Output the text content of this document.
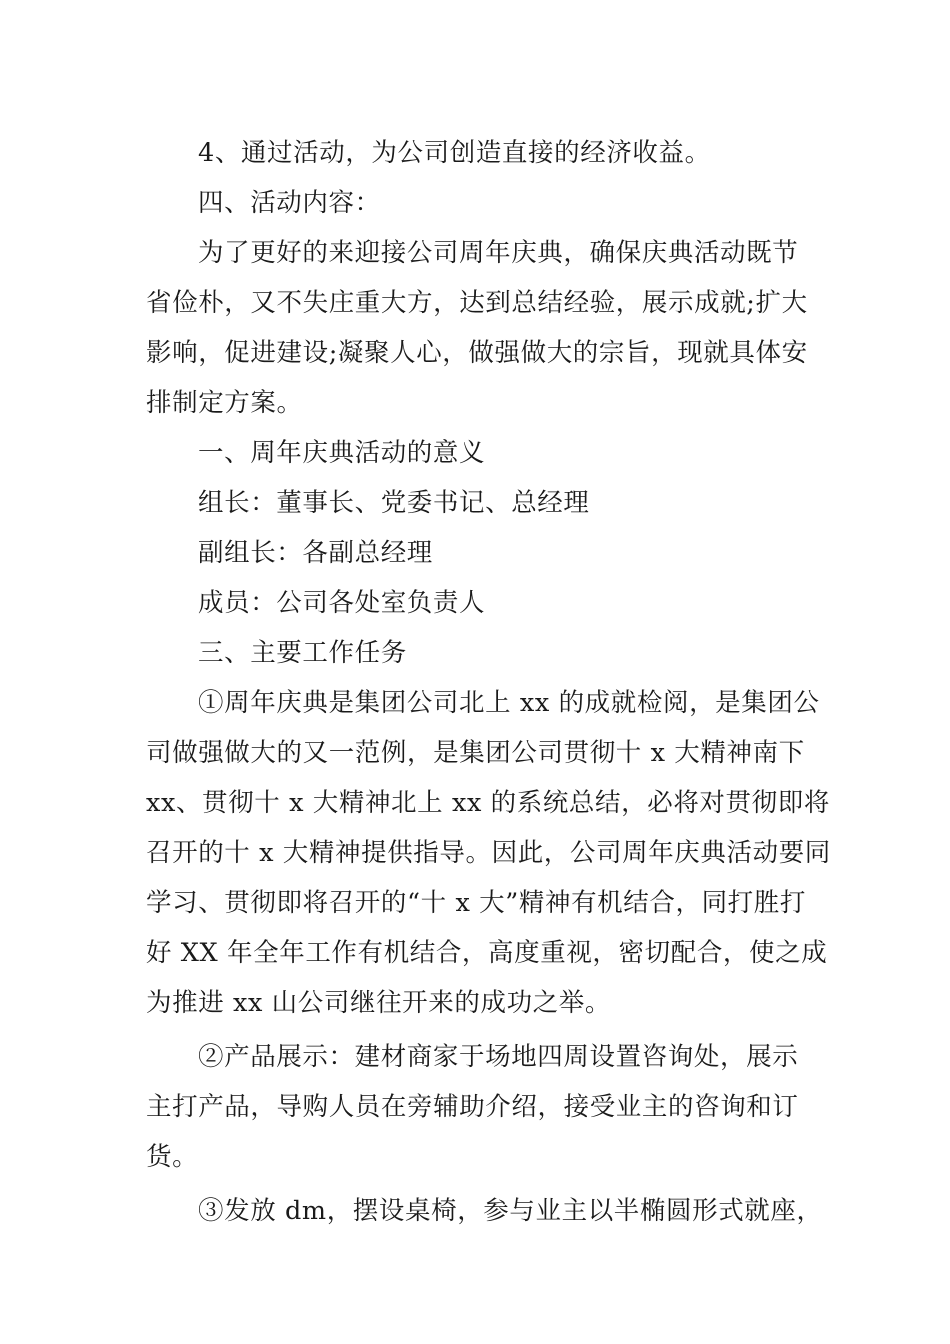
4、通过活动，为公司创造直接的经济收益。

四、活动内容：

为了更好的来迎接公司周年庆典，确保庆典活动既节
省俭朴，又不失庄重大方，达到总结经验，展示成就;扩大
影响，促进建设;凝聚人心，做强做大的宗旨，现就具体安
排制定方案。

一、周年庆典活动的意义

组长：董事长、党委书记、总经理

副组长：各副总经理

成员：公司各处室负责人

三、主要工作任务

①周年庆典是集团公司北上 xx 的成就检阅，是集团公
司做强做大的又一范例，是集团公司贯彻十 x 大精神南下
xx、贯彻十 x 大精神北上 xx 的系统总结，必将对贯彻即将
召开的十 x 大精神提供指导。因此，公司周年庆典活动要同
学习、贯彻即将召开的“十 x 大”精神有机结合，同打胜打
好 XX 年全年工作有机结合，高度重视，密切配合，使之成
为推进 xx 山公司继往开来的成功之举。

②产品展示：建材商家于场地四周设置咨询处，展示
主打产品，导购人员在旁辅助介绍，接受业主的咨询和订
货。

③发放 dm，摆设桌椅，参与业主以半椭圆形式就座，
